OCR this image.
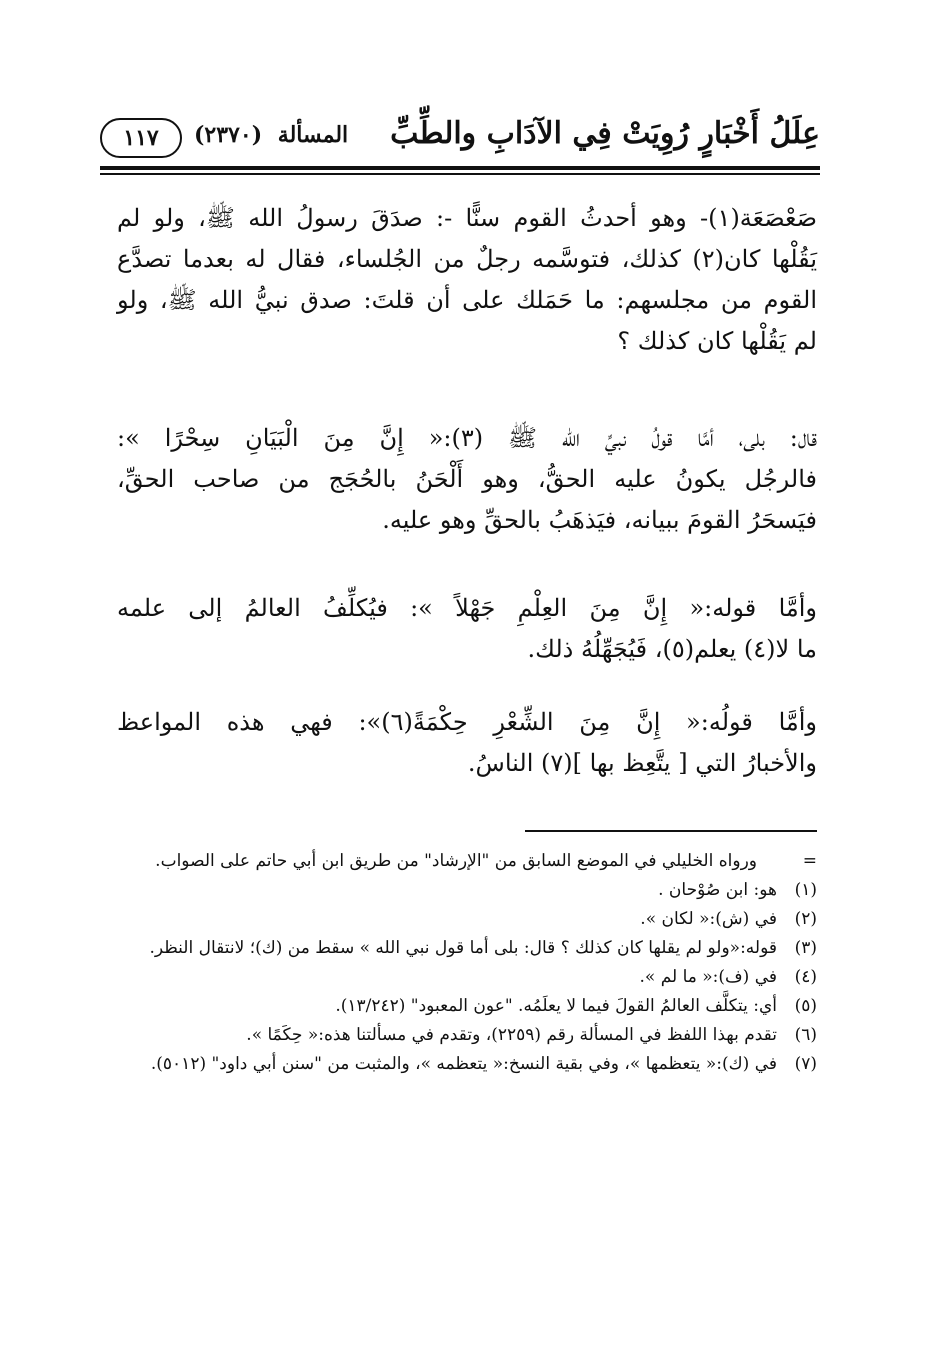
عِلَلُ أَخْبَارٍ رُوِيَتْ فِي الآدَابِ والطِّبِّ
المسألة (٢٣٧٠)
١١٧
صَعْصَعَة(١)- وهو أحدثُ القوم سنًّا -: صدَقَ رسولُ الله ﷺ، ولو لم
يَقُلْها كان(٢) كذلك، فتوسَّمه رجلٌ من الجُلساء، فقال له بعدما تصدَّع
القوم من مجلسهم: ما حَمَلك على أن قلتَ: صدق نبيُّ الله ﷺ، ولو
لم يَقُلْها كان كذلك ؟
قال: بلى، أمَّا قولُ نبيِّ الله ﷺ (٣):« إِنَّ مِنَ الْبَيَانِ سِحْرًا »:
فالرجُل يكونُ عليه الحقُّ، وهو أَلْحَنُ بالحُجَج من صاحب الحقِّ،
فيَسحَرُ القومَ ببيانه، فيَذهَبُ بالحقِّ وهو عليه.
وأمَّا قوله:« إِنَّ مِنَ العِلْمِ جَهْلاً »: فيُكلِّفُ العالمُ إلى علمه
ما لا(٤) يعلم(٥)، فَيُجَهِّلُهُ ذلك.
وأمَّا قولُه:« إِنَّ مِنَ الشِّعْرِ حِكْمَةً(٦)»: فهي هذه المواعظ
والأخبارُ التي [ يتَّعِظ بها ](٧) الناسُ.
=
ورواه الخليلي في الموضع السابق من "الإرشاد" من طريق ابن أبي حاتم على الصواب.
(١)
هو: ابن صُوْحان .
(٢)
في (ش):« لكان ».
(٣)
قوله:«ولو لم يقلها كان كذلك ؟ قال: بلى أما قول نبي الله » سقط من (ك)؛ لانتقال النظر.
(٤)
في (ف):« ما لم ».
(٥)
أي: يتكلَّف العالمُ القولَ فيما لا يعلَمُه. "عون المعبود" (١٣/٢٤٢).
(٦)
تقدم بهذا اللفظ في المسألة رقم (٢٢٥٩)، وتقدم في مسألتنا هذه:« حِكَمًا ».
(٧)
في (ك):« يتعظمها »، وفي بقية النسخ:« يتعظمه »، والمثبت من "سنن أبي داود" (٥٠١٢).
